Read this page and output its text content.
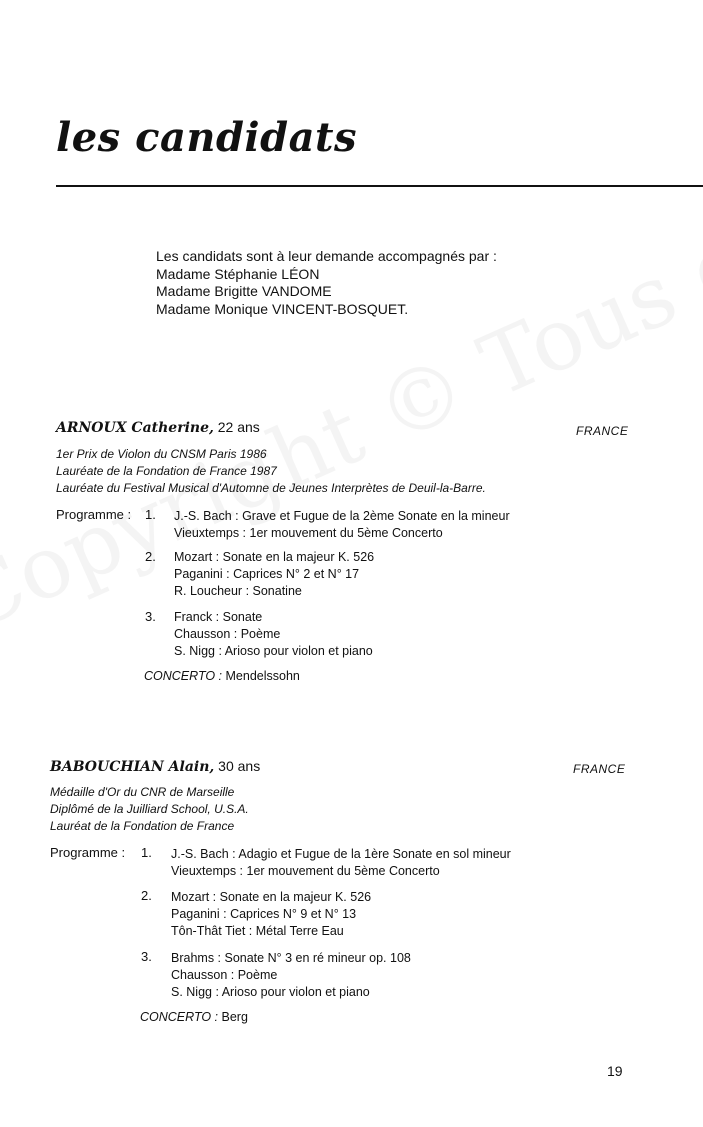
les candidats
Les candidats sont à leur demande accompagnés par :
Madame Stéphanie LÉON
Madame Brigitte VANDOME
Madame Monique VINCENT-BOSQUET.
ARNOUX Catherine, 22 ans	FRANCE
1er Prix de Violon du CNSM Paris 1986
Lauréate de la Fondation de France 1987
Lauréate du Festival Musical d'Automne de Jeunes Interprètes de Deuil-la-Barre.
Programme : 1. J.-S. Bach : Grave et Fugue de la 2ème Sonate en la mineur
Vieuxtemps : 1er mouvement du 5ème Concerto
2. Mozart : Sonate en la majeur K. 526
Paganini : Caprices N° 2 et N° 17
R. Loucheur : Sonatine
3. Franck : Sonate
Chausson : Poème
S. Nigg : Arioso pour violon et piano
CONCERTO : Mendelssohn
BABOUCHIAN Alain, 30 ans	FRANCE
Médaille d'Or du CNR de Marseille
Diplômé de la Juilliard School, U.S.A.
Lauréat de la Fondation de France
Programme : 1. J.-S. Bach : Adagio et Fugue de la 1ère Sonate en sol mineur
Vieuxtemps : 1er mouvement du 5ème Concerto
2. Mozart : Sonate en la majeur K. 526
Paganini : Caprices N° 9 et N° 13
Tôn-Thât Tiet : Métal Terre Eau
3. Brahms : Sonate N° 3 en ré mineur op. 108
Chausson : Poème
S. Nigg : Arioso pour violon et piano
CONCERTO : Berg
19
